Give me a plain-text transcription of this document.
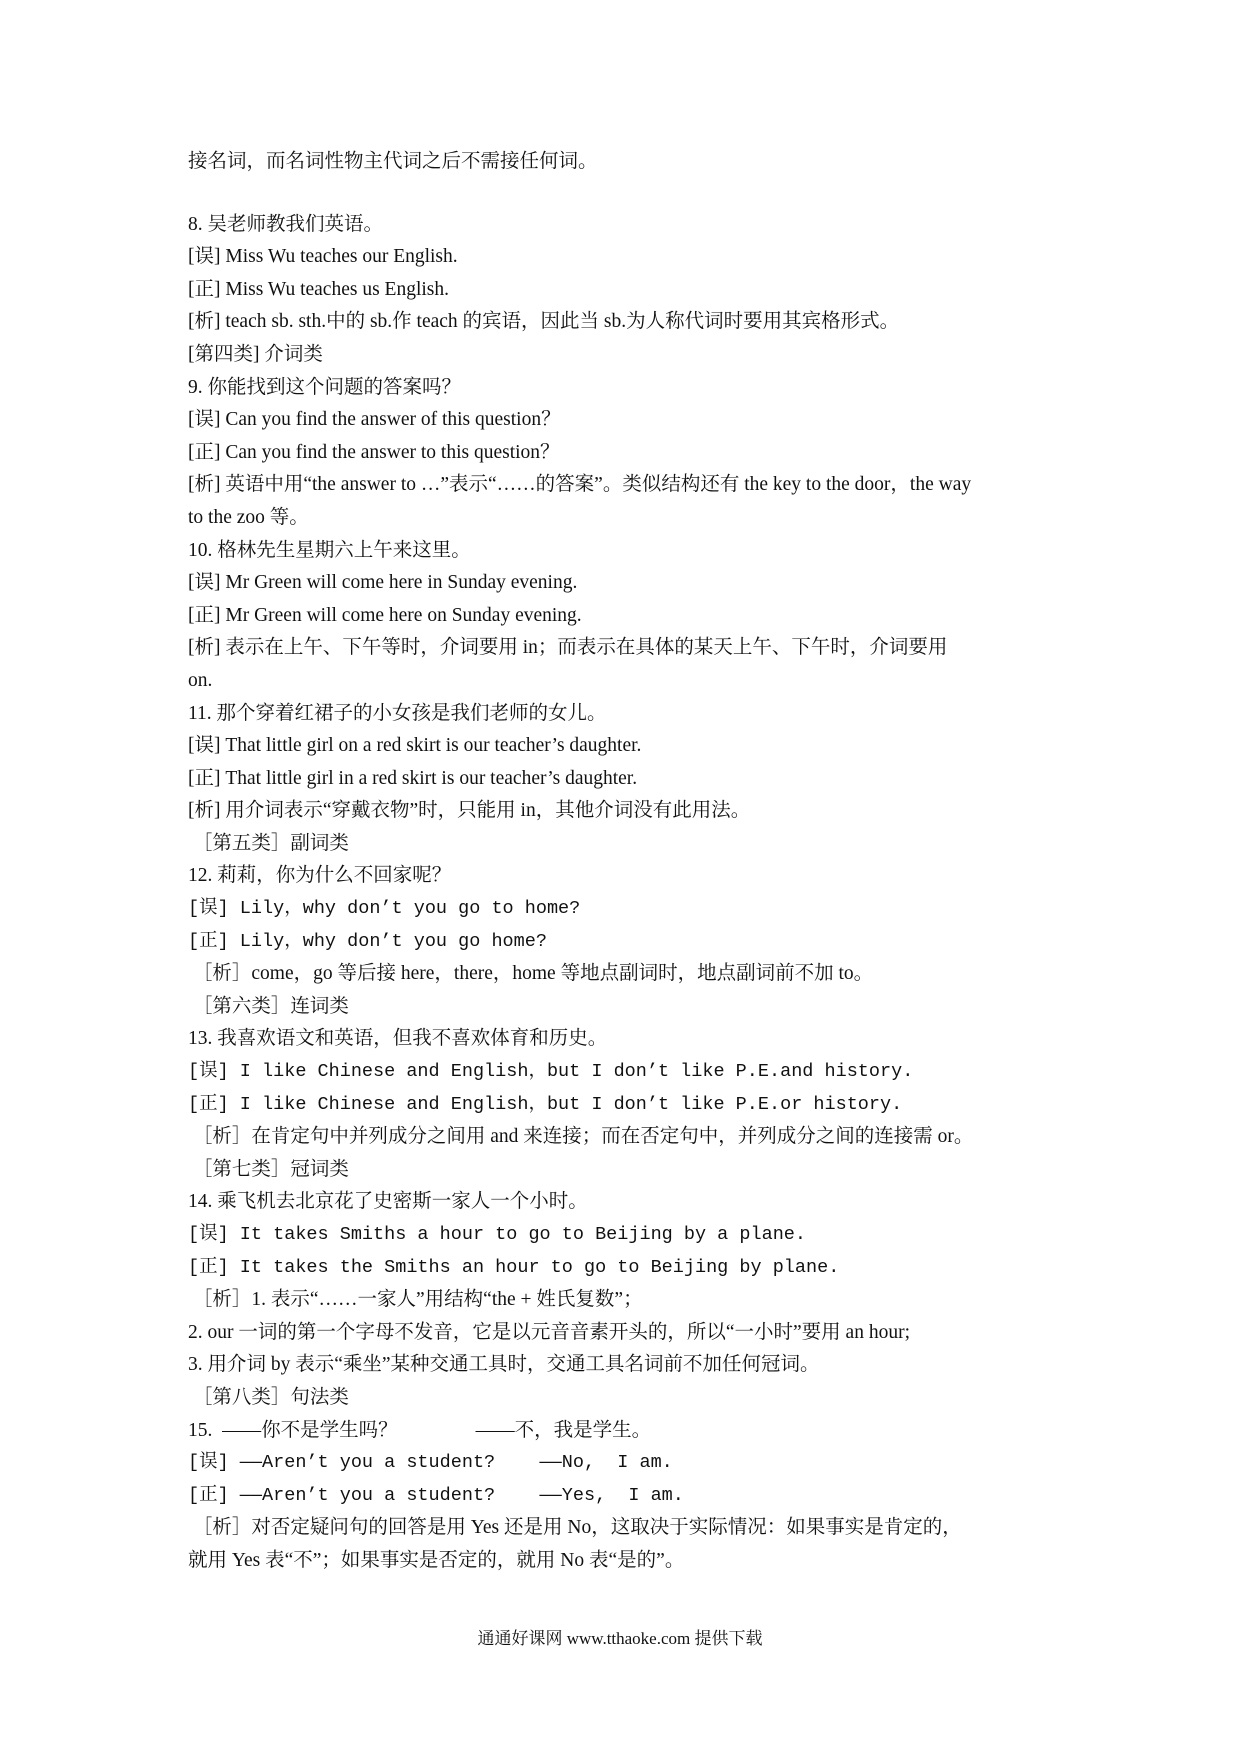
接名词，而名词性物主代词之后不需接任何词。
8. 吴老师教我们英语。
[误] Miss Wu teaches our English.
[正] Miss Wu teaches us English.
[析] teach sb. sth.中的 sb.作 teach 的宾语，因此当 sb.为人称代词时要用其宾格形式。
[第四类] 介词类
9. 你能找到这个问题的答案吗？
[误] Can you find the answer of this question？
[正] Can you find the answer to this question？
[析] 英语中用“the answer to …”表示“……的答案”。类似结构还有 the key to the door，the way
to the zoo 等。
10. 格林先生星期六上午来这里。
[误] Mr Green will come here in Sunday evening.
[正] Mr Green will come here on Sunday evening.
[析] 表示在上午、下午等时，介词要用 in；而表示在具体的某天上午、下午时，介词要用
on.
11. 那个穿着红裙子的小女孩是我们老师的女儿。
[误] That little girl on a red skirt is our teacher’s daughter.
[正] That little girl in a red skirt is our teacher’s daughter.
[析] 用介词表示“穿戴衣物”时，只能用 in，其他介词没有此用法。
［第五类］副词类
12. 莉莉，你为什么不回家呢？
[误] Lily，why don’t you go to home?
[正] Lily，why don’t you go home?
［析］come，go 等后接 here，there，home 等地点副词时，地点副词前不加 to。
［第六类］连词类
13. 我喜欢语文和英语，但我不喜欢体育和历史。
[误] I like Chinese and English，but I don’t like P.E.and history.
[正] I like Chinese and English，but I don’t like P.E.or history.
［析］在肯定句中并列成分之间用 and 来连接；而在否定句中，并列成分之间的连接需 or。
［第七类］冠词类
14. 乘飞机去北京花了史密斯一家人一个小时。
[误] It takes Smiths a hour to go to Beijing by a plane.
[正] It takes the Smiths an hour to go to Beijing by plane.
［析］1. 表示“……一家人”用结构“the + 姓氏复数”；
2. our 一词的第一个字母不发音，它是以元音音素开头的，所以“一小时”要用 an hour;
3. 用介词 by 表示“乘坐”某种交通工具时，交通工具名词前不加任何冠词。
［第八类］句法类
15.  ——你不是学生吗？                ——不，我是学生。
[误] ——Aren’t you a student?    ——No,  I am.
[正] ——Aren’t you a student?    ——Yes,  I am.
［析］对否定疑问句的回答是用 Yes 还是用 No，这取决于实际情况：如果事实是肯定的，
就用 Yes 表“不”；如果事实是否定的，就用 No 表“是的”。
通通好课网 www.tthaoke.com 提供下载
